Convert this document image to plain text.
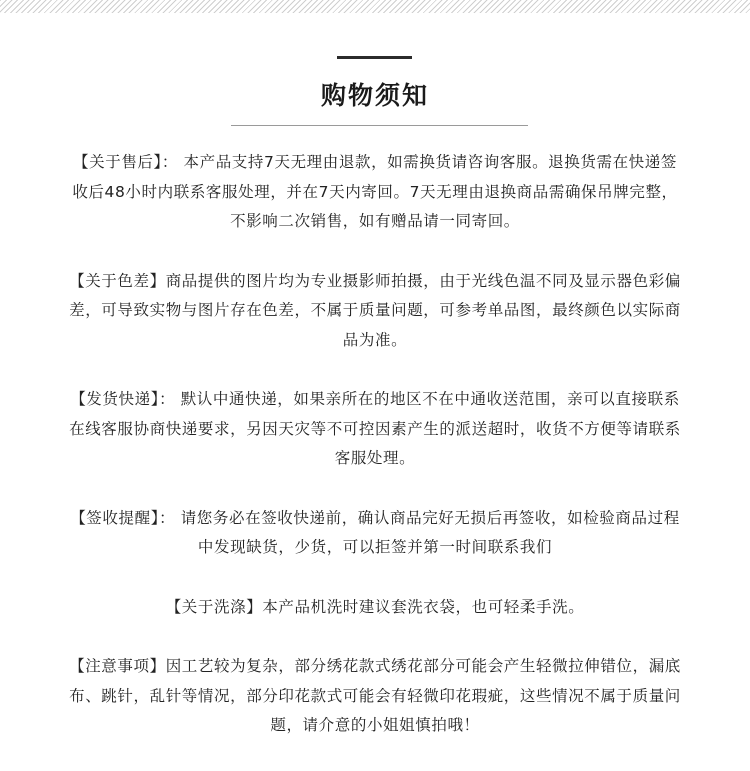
购物须知

【关于售后】： 本产品支持7天无理由退款，如需换货请咨询客服。退换货需在快递签收后48小时内联系客服处理，并在7天内寄回。7天无理由退换商品需确保吊牌完整，不影响二次销售，如有赠品请一同寄回。

【关于色差】商品提供的图片均为专业摄影师拍摄，由于光线色温不同及显示器色彩偏差，可导致实物与图片存在色差，不属于质量问题，可参考单品图，最终颜色以实际商品为准。

【发货快递】： 默认中通快递，如果亲所在的地区不在中通收送范围，亲可以直接联系在线客服协商快递要求，另因天灾等不可控因素产生的派送超时，收货不方便等请联系客服处理。

【签收提醒】： 请您务必在签收快递前，确认商品完好无损后再签收，如检验商品过程中发现缺货，少货，可以拒签并第一时间联系我们

【关于洗涤】本产品机洗时建议套洗衣袋，也可轻柔手洗。

【注意事项】因工艺较为复杂，部分绣花款式绣花部分可能会产生轻微拉伸错位，漏底布、跳针，乱针等情况，部分印花款式可能会有轻微印花瑕疵，这些情况不属于质量问题，请介意的小姐姐慎拍哦！
